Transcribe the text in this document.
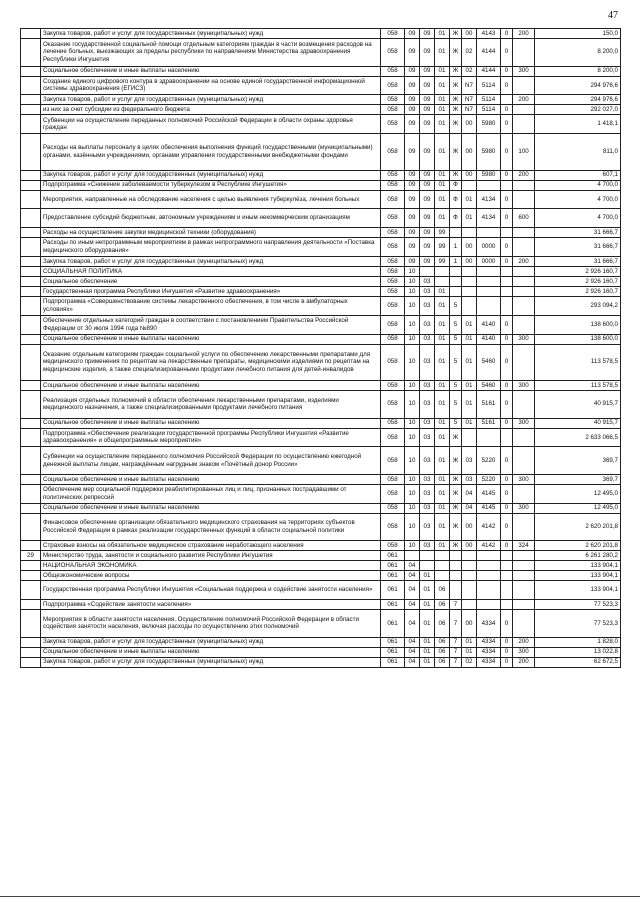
47
	Закупка товаров, работ и услуг для государственных (муниципальных) нужд	058	09	09	01	Ж	00	4143	0	200	150,0
	Оказание государственной социальной помощи отдельным категориям граждан в части возмещения расходов на лечение больных, выезжающих за пределы республики по направлениям Министерства здравоохранения Республики Ингушетия	058	09	09	01	Ж	02	4144	0		8 200,0
	Социальное обеспечение и иные выплаты населению	058	09	09	01	Ж	02	4144	0	300	8 200,0
	Создание единого цифрового контура в здравоохранении на основе единой государственной информационной системы здравоохранения (ЕГИСЗ)	058	09	09	01	Ж	N7	5114	0		294 976,6
	Закупка товаров, работ и услуг для государственных (муниципальных) нужд	058	09	09	01	Ж	N7	5114		200	294 976,6
	из них за счет субсидии из федерального бюджета	058	09	09	01	Ж	N7	5114	0		292 027,0
	Субвенции на осуществление переданных полномочий Российской Федерации в области охраны здоровья граждан	058	09	09	01	Ж	00	5980	0		1 418,1
	Расходы на выплаты персоналу в целях обеспечения выполнения функций государственными (муниципальными) органами, казёнными учреждениями, органами управления государственными внебюджетными фондами	058	09	09	01	Ж	00	5980	0	100	811,0
	Закупка товаров, работ и услуг для государственных (муниципальных) нужд	058	09	09	01	Ж	00	5980	0	200	607,1
	Подпрограмма «Снижение заболеваемости туберкулезом в Республике Ингушетия»	058	09	09	01	Ф					4 700,0
	Мероприятия, направленные на обследование населения с целью выявления туберкулёза, лечения больных	058	09	09	01	Ф	01	4134	0		4 700,0
	Предоставление субсидий бюджетным, автономным учреждениям и иным некоммерческим организациям	058	09	09	01	Ф	01	4134	0	600	4 700,0
	Расходы на осуществление закупки медицинской техники (оборудования)	058	09	09	99						31 666,7
	Расходы по иным непрограммным мероприятиям в рамках непрограммного направления деятельности «Поставка медицинского оборудования»	058	09	09	99	1	00	0000	0		31 666,7
	Закупка товаров, работ и услуг для государственных (муниципальных) нужд	058	09	09	99	1	00	0000	0	200	31 666,7
	СОЦИАЛЬНАЯ ПОЛИТИКА	058	10								2 926 160,7
	Социальное обеспечение	058	10	03							2 926 160,7
	Государственная программа Республики Ингушетия «Развитие здравоохранения»	058	10	03	01						2 926 160,7
	Подпрограмма «Совершенствование системы лекарственного обеспечения, в том числе в амбулаторных условиях»	058	10	03	01	5					293 094,2
	Обеспечение отдельных категорий граждан в соответствии с постановлением Правительства Российской Федерации от 30 июля 1994 года №890	058	10	03	01	5	01	4140	0		138 600,0
	Социальное обеспечение и иные выплаты населению	058	10	03	01	5	01	4140	0	300	138 600,0
	Оказание отдельным категориям граждан социальной услуги по обеспечению лекарственными препаратами для медицинского применения по рецептам на лекарственные препараты, медицинскими изделиями по рецептам на медицинские изделия, а также специализированными продуктами лечебного питания для детей-инвалидов	058	10	03	01	5	01	5460	0		113 578,5
	Социальное обеспечение и иные выплаты населению	058	10	03	01	5	01	5460	0	300	113 578,5
	Реализация отдельных полномочий в области обеспечения лекарственными препаратами, изделиями медицинского назначения, а также специализированными продуктами лечебного питания	058	10	03	01	5	01	5161	0		40 915,7
	Социальное обеспечение и иные выплаты населению	058	10	03	01	5	01	5161	0	300	40 915,7
	Подпрограмма «Обеспечение реализации государственной программы Республики Ингушетия «Развитие здравоохранения» и общепрограммные мероприятия»	058	10	03	01	Ж					2 633 066,5
	Субвенции на осуществление переданного полномочия Российской Федерации по осуществлению ежегодной денежной выплаты лицам, награждённым нагрудным знаком «Почётный донор России»	058	10	03	01	Ж	03	5220	0		369,7
	Социальное обеспечение и иные выплаты населению	058	10	03	01	Ж	03	5220	0	300	369,7
	Обеспечение мер социальной поддержки реабилитированных лиц и лиц, признанных пострадавшими от политических репрессий	058	10	03	01	Ж	04	4145	0		12 495,0
	Социальное обеспечение и иные выплаты населению	058	10	03	01	Ж	04	4145	0	300	12 495,0
	Финансовое обеспечение организации обязательного медицинского страхования на территориях субъектов Российской Федерации в рамках реализации государственных функций в области социальной политики	058	10	03	01	Ж	00	4142	0		2 620 201,8
	Страховые взносы на обязательное медицинское страхование неработающего населения	058	10	03	01	Ж	00	4142	0	324	2 620 201,8
29	Министерство труда, занятости и социального развития Республики Ингушетия	061									6 261 280,2
	НАЦИОНАЛЬНАЯ ЭКОНОМИКА	061	04								133 904,1
	Общеэкономические вопросы	061	04	01							133 904,1
	Государственная программа Республики Ингушетия «Социальная поддержка и содействие занятости населения»	061	04	01	06						133 904,1
	Подпрограмма «Содействие занятости населения»	061	04	01	06	7					77 523,3
	Мероприятия в области занятости населения. Осуществление полномочий Российской Федерации в области содействия занятости населения, включая расходы по осуществлению этих полномочий	061	04	01	06	7	00	4334	0		77 523,3
	Закупка товаров, работ и услуг для государственных (муниципальных) нужд	061	04	01	06	7	01	4334	0	200	1 828,0
	Социальное обеспечение и иные выплаты населению	061	04	01	06	7	01	4334	0	300	13 022,8
	Закупка товаров, работ и услуг для государственных (муниципальных) нужд	061	04	01	06	7	02	4334	0	200	62 672,5
